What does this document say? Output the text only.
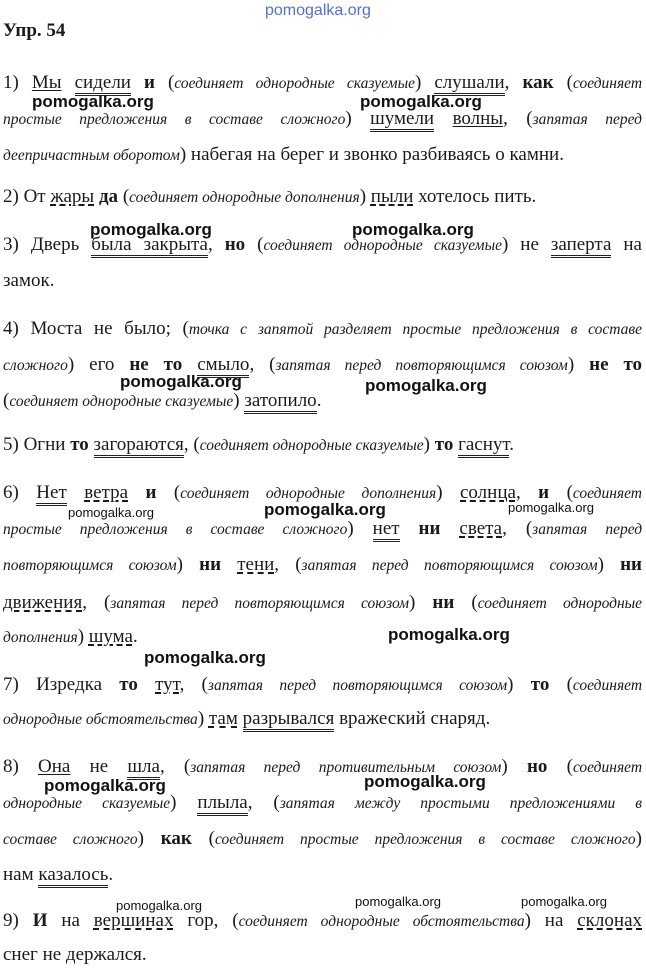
pomogalka.org
Упр. 54
1) Мы сидели и (соединяет однородные сказуемые) слушали, как (соединяет
простые предложения в составе сложного) шумели волны, (запятая перед
деепричастным оборотом) набегая на берег и звонко разбиваясь о камни.
2) От жары да (соединяет однородные дополнения) пыли хотелось пить.
3) Дверь была закрыта, но (соединяет однородные сказуемые) не заперта на
замок.
4) Моста не было; (точка с запятой разделяет простые предложения в составе
сложного) его не то смыло, (запятая перед повторяющимся союзом) не то
(соединяет однородные сказуемые) затопило.
5) Огни то загораются, (соединяет однородные сказуемые) то гаснут.
6) Нет ветра и (соединяет однородные дополнения) солнца, и (соединяет
простые предложения в составе сложного) нет ни света, (запятая перед
повторяющимся союзом) ни тени, (запятая перед повторяющимся союзом) ни
движения, (запятая перед повторяющимся союзом) ни (соединяет однородные
дополнения) шума.
7) Изредка то тут, (запятая перед повторяющимся союзом) то (соединяет
однородные обстоятельства) там разрывался вражеский снаряд.
8) Она не шла, (запятая перед противительным союзом) но (соединяет
однородные сказуемые) плыла, (запятая между простыми предложениями в
составе сложного) как (соединяет простые предложения в составе сложного)
нам казалось.
9) И на вершинах гор, (соединяет однородные обстоятельства) на склонах
снег не держался.
pomogalka.org	pomogalka.org
pomogalka.org	pomogalka.org
pomogalka.org	pomogalka.org
pomogalka.org	pomogalka.org	pomogalka.org
pomogalka.org
pomogalka.org
pomogalka.org	pomogalka.org
pomogalka.org	pomogalka.org	pomogalka.org
